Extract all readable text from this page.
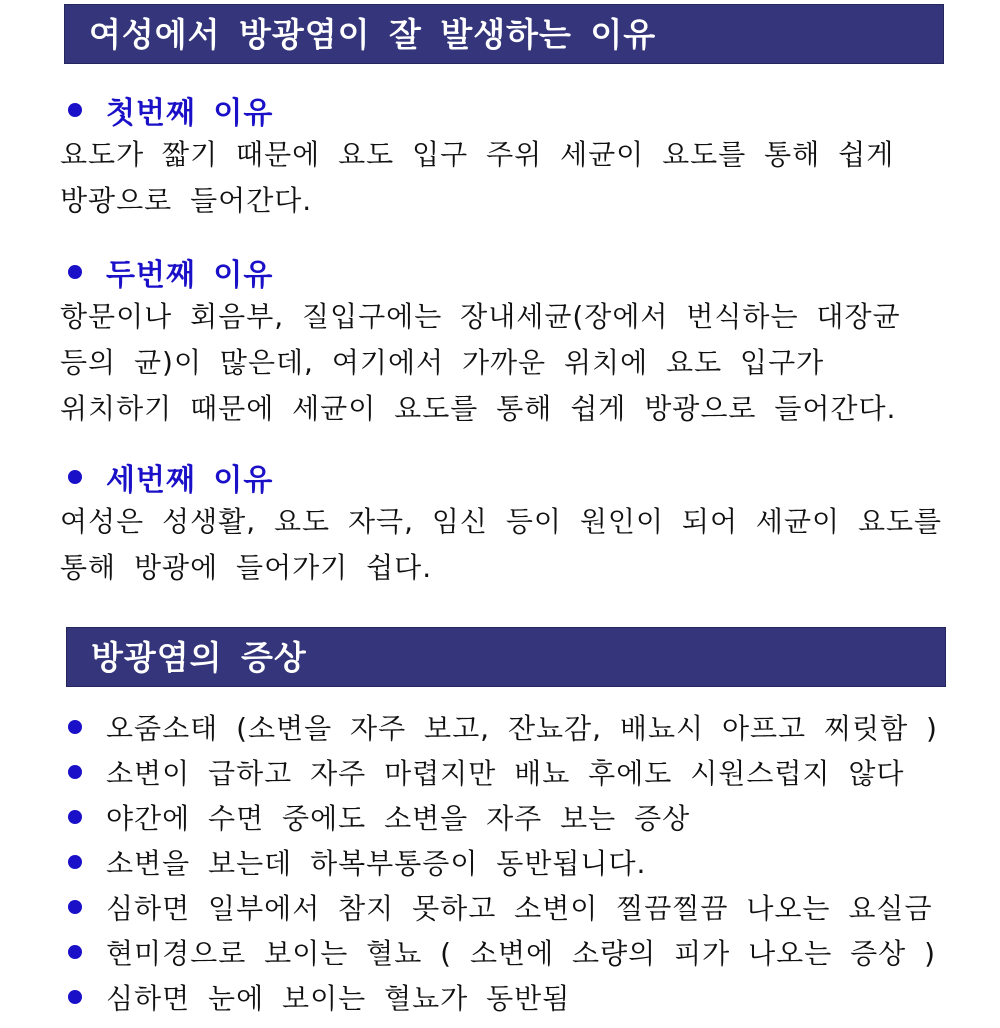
여성에서 방광염이 잘 발생하는 이유
첫번째 이유

요도가 짧기 때문에 요도 입구 주위 세균이 요도를 통해 쉽게

방광으로 들어간다.

두번째 이유

항문이나 회음부, 질입구에는 장내세균(장에서 번식하는 대장균

등의 균)이 많은데, 여기에서 가까운 위치에 요도 입구가

위치하기 때문에 세균이 요도를 통해 쉽게 방광으로 들어간다.

세번째 이유

여성은 성생활, 요도 자극, 임신 등이 원인이 되어 세균이 요도를

통해 방광에 들어가기 쉽다.

방광염의 증상
오줌소태 (소변을 자주 보고, 잔뇨감, 배뇨시 아프고 찌릿함 )
소변이 급하고 자주 마렵지만 배뇨 후에도 시원스럽지 않다
야간에 수면 중에도 소변을 자주 보는 증상
소변을 보는데 하복부통증이 동반됩니다.
심하면 일부에서 참지 못하고 소변이 찔끔찔끔 나오는 요실금
현미경으로 보이는 혈뇨 ( 소변에 소량의 피가 나오는 증상 )
심하면 눈에 보이는 혈뇨가 동반됨
